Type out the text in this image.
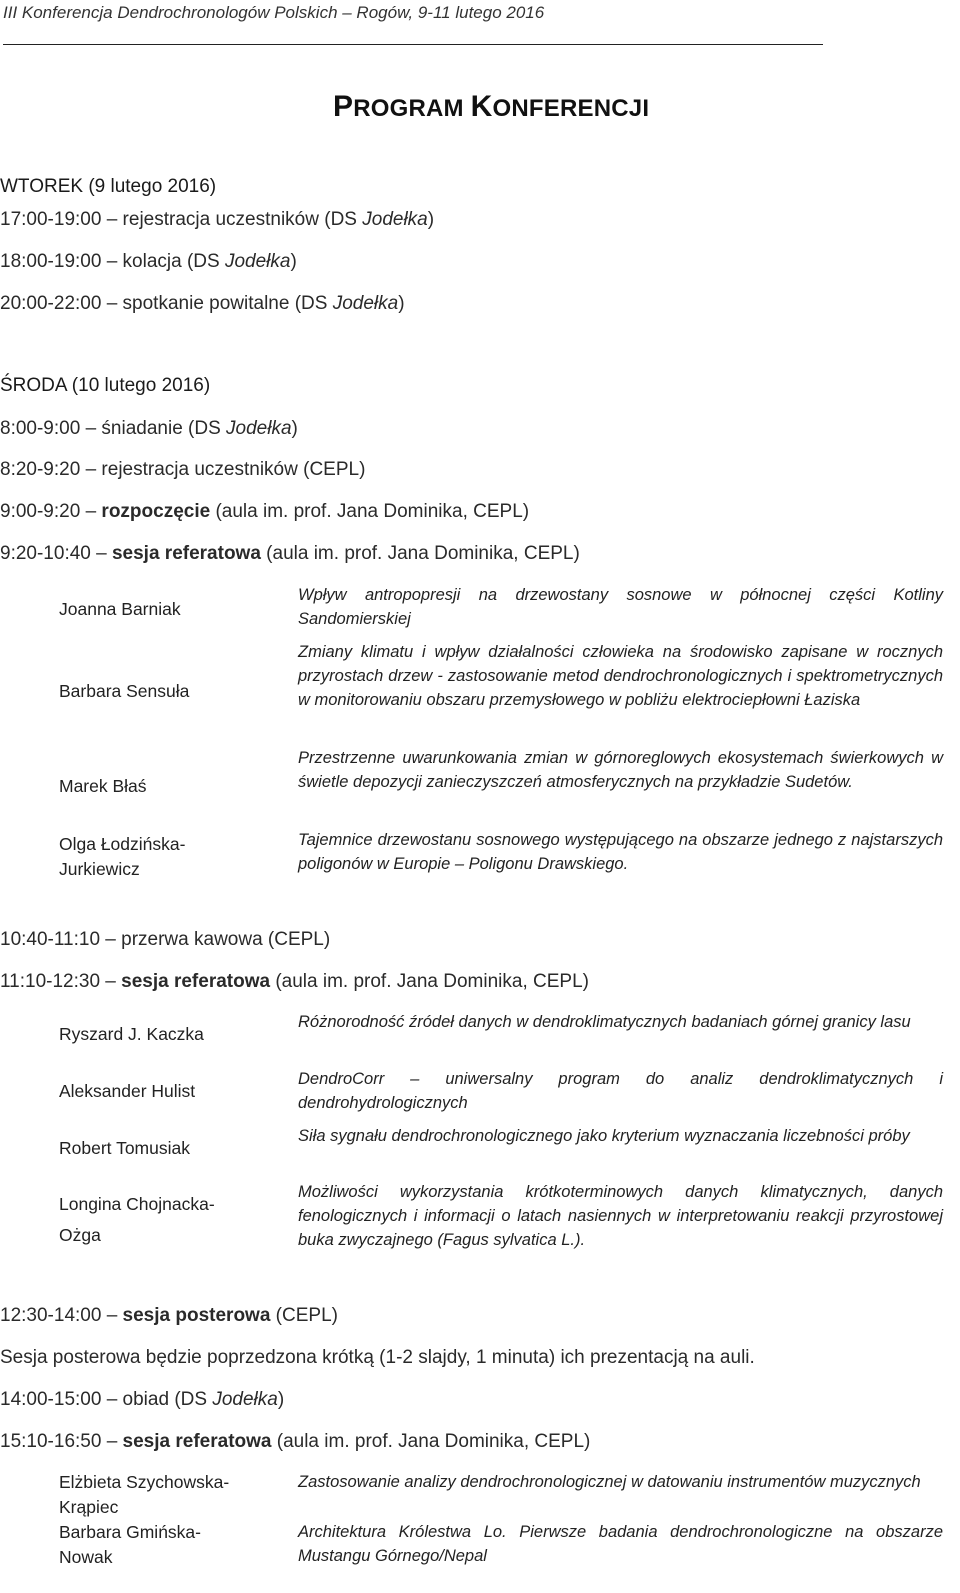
III Konferencja Dendrochronologów Polskich – Rogów, 9-11 lutego 2016
PROGRAM KONFERENCJI
WTOREK (9 lutego 2016)
17:00-19:00 – rejestracja uczestników (DS Jodełka)
18:00-19:00 – kolacja (DS Jodełka)
20:00-22:00 – spotkanie powitalne (DS Jodełka)
ŚRODA (10 lutego 2016)
8:00-9:00 – śniadanie (DS Jodełka)
8:20-9:20 – rejestracja uczestników (CEPL)
9:00-9:20 – rozpoczęcie (aula im. prof. Jana Dominika, CEPL)
9:20-10:40 – sesja referatowa (aula im. prof. Jana Dominika, CEPL)
Joanna Barniak
Barbara Sensuła
Marek Błaś
Olga Łodzińska-Jurkiewicz
Wpływ antropopresji na drzewostany sosnowe w północnej części Kotliny Sandomierskiej
Zmiany klimatu i wpływ działalności człowieka na środowisko zapisane w rocznych przyrostach drzew - zastosowanie metod dendrochronologicznych i spektrometrycznych w monitorowaniu obszaru przemysłowego w pobliżu elektrociepłowni Łaziska
Przestrzenne uwarunkowania zmian w górnoreglowych ekosystemach świerkowych w świetle depozycji zanieczyszczeń atmosferycznych na przykładzie Sudetów.
Tajemnice drzewostanu sosnowego występującego na obszarze jednego z najstarszych poligonów w Europie – Poligonu Drawskiego.
10:40-11:10 – przerwa kawowa (CEPL)
11:10-12:30 – sesja referatowa (aula im. prof. Jana Dominika, CEPL)
Ryszard J. Kaczka
Aleksander Hulist
Robert Tomusiak
Longina Chojnacka-Ożga
Różnorodność źródeł danych w dendroklimatycznych badaniach górnej granicy lasu
DendroCorr – uniwersalny program do analiz dendroklimatycznych i dendrohydrologicznych
Siła sygnału dendrochronologicznego jako kryterium wyznaczania liczebności próby
Możliwości wykorzystania krótkoterminowych danych klimatycznych, danych fenologicznych i informacji o latach nasiennych w interpretowaniu reakcji przyrostowej buka zwyczajnego (Fagus sylvatica L.).
12:30-14:00 – sesja posterowa (CEPL)
Sesja posterowa będzie poprzedzona krótką (1-2 slajdy, 1 minuta) ich prezentacją na auli.
14:00-15:00 – obiad (DS Jodełka)
15:10-16:50 – sesja referatowa (aula im. prof. Jana Dominika, CEPL)
Elżbieta Szychowska-Krąpiec
Barbara Gmińska-Nowak
Zastosowanie analizy dendrochronologicznej w datowaniu instrumentów muzycznych
Architektura Królestwa Lo. Pierwsze badania dendrochronologiczne na obszarze Mustangu Górnego/Nepal
